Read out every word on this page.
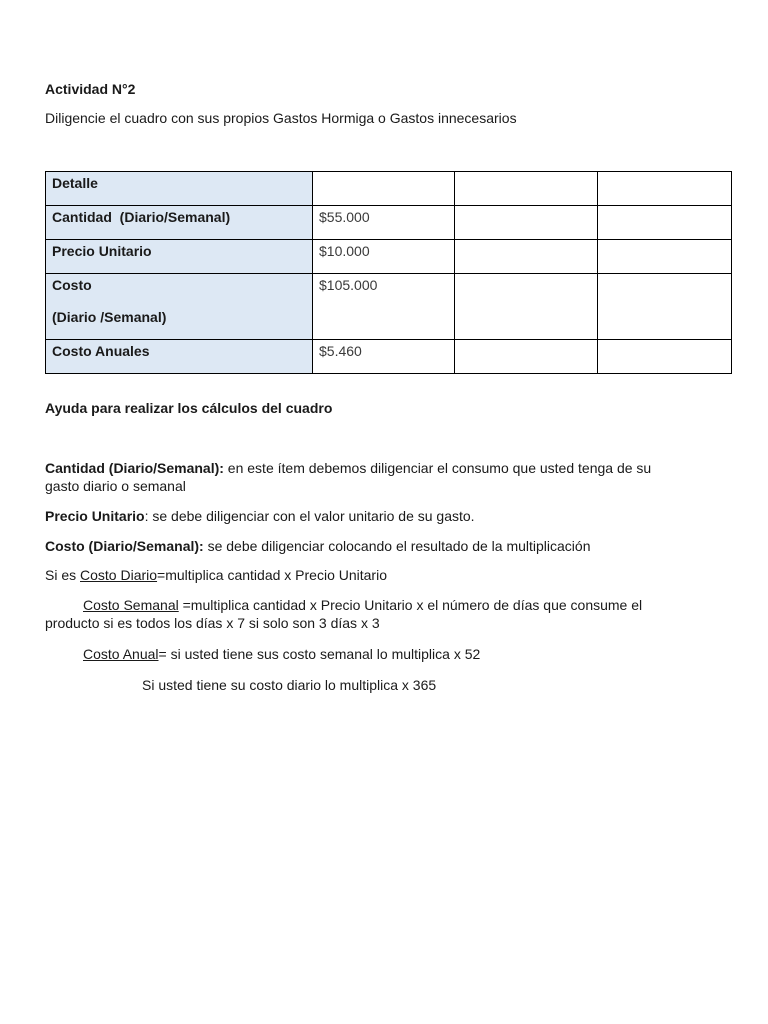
Actividad N°2
Diligencie el cuadro con sus propios Gastos Hormiga o Gastos innecesarios
Detalle			
Cantidad  (Diario/Semanal)	$55.000		
Precio Unitario	$10.000		
Costo
(Diario /Semanal)	$105.000		
Costo Anuales	$5.460		
Ayuda para realizar los cálculos del cuadro
Cantidad (Diario/Semanal): en este ítem debemos diligenciar el consumo que usted tenga de su
gasto diario o semanal
Precio Unitario: se debe diligenciar con el valor unitario de su gasto.
Costo (Diario/Semanal): se debe diligenciar colocando el resultado de la multiplicación
Si es Costo Diario=multiplica cantidad x Precio Unitario
Costo Semanal =multiplica cantidad x Precio Unitario x el número de días que consume el
producto si es todos los días x 7 si solo son 3 días x 3
Costo Anual= si usted tiene sus costo semanal lo multiplica x 52
Si usted tiene su costo diario lo multiplica x 365
